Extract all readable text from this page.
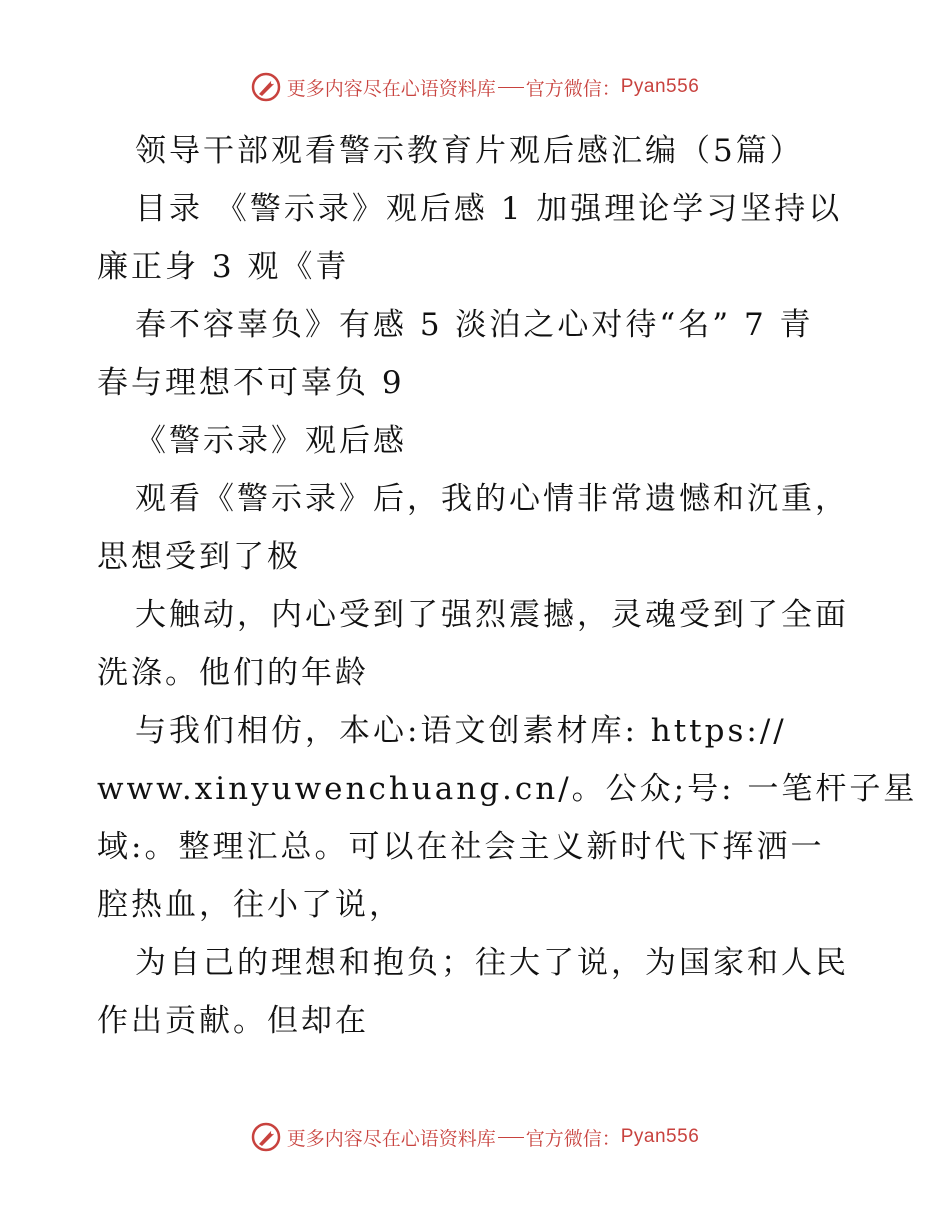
更多内容尽在心语资料库 官方微信： Pyan556
领导干部观看警示教育片观后感汇编（5篇）
目录 《警示录》观后感 1 加强理论学习坚持以
廉正身 3 观《青
春不容辜负》有感 5 淡泊之心对待“名” 7 青
春与理想不可辜负 9
《警示录》观后感
观看《警示录》后，我的心情非常遗憾和沉重，
思想受到了极
大触动，内心受到了强烈震撼，灵魂受到了全面
洗涤。他们的年龄
与我们相仿，本心:语文创素材库: https://
www.xinyuwenchuang.cn/。公众;号: 一笔杆子星
域:。整理汇总。可以在社会主义新时代下挥洒一
腔热血，往小了说，
为自己的理想和抱负；往大了说，为国家和人民
作出贡献。但却在
更多内容尽在心语资料库 官方微信： Pyan556
